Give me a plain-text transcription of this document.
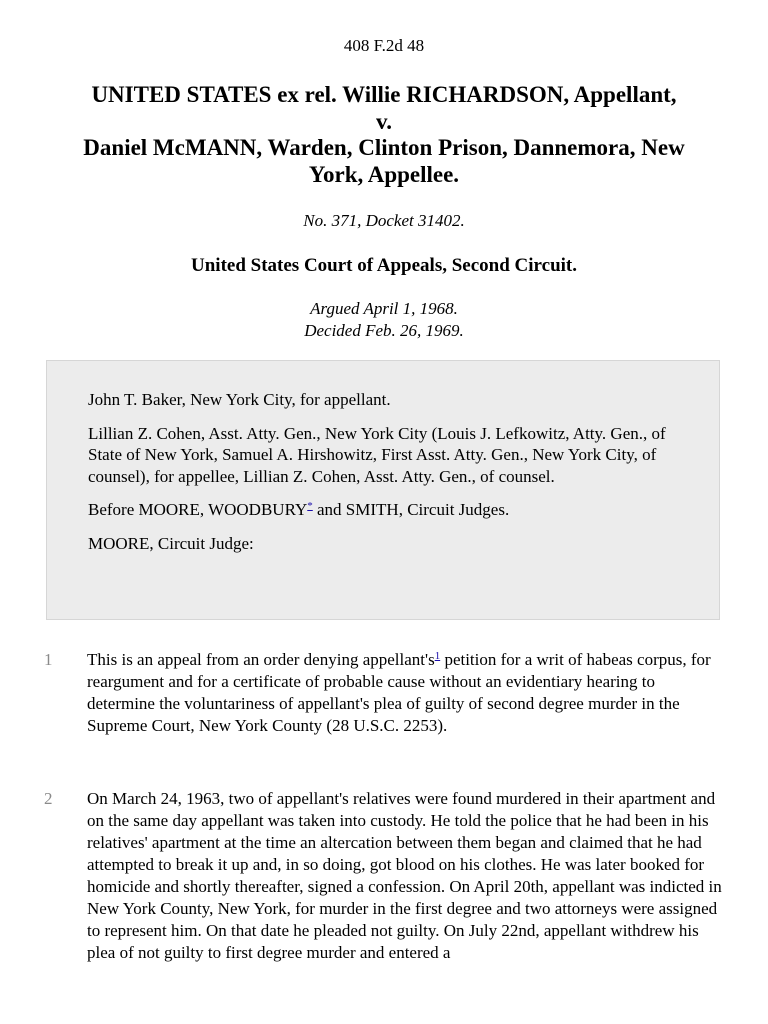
408 F.2d 48
UNITED STATES ex rel. Willie RICHARDSON, Appellant,
v.
Daniel McMANN, Warden, Clinton Prison, Dannemora, New
York, Appellee.
No. 371, Docket 31402.
United States Court of Appeals, Second Circuit.
Argued April 1, 1968.
Decided Feb. 26, 1969.

John T. Baker, New York City, for appellant.

Lillian Z. Cohen, Asst. Atty. Gen., New York City (Louis J. Lefkowitz, Atty. Gen., of State of New York, Samuel A. Hirshowitz, First Asst. Atty. Gen., New York City, of counsel), for appellee, Lillian Z. Cohen, Asst. Atty. Gen., of counsel.

Before MOORE, WOODBURY* and SMITH, Circuit Judges.

MOORE, Circuit Judge:

1 This is an appeal from an order denying appellant's$^1$ petition for a writ of habeas corpus, for reargument and for a certificate of probable cause without an evidentiary hearing to determine the voluntariness of appellant's plea of guilty of second degree murder in the Supreme Court, New York County (28 U.S.C. 2253).

2 On March 24, 1963, two of appellant's relatives were found murdered in their apartment and on the same day appellant was taken into custody. He told the police that he had been in his relatives' apartment at the time an altercation between them began and claimed that he had attempted to break it up and, in so doing, got blood on his clothes. He was later booked for homicide and shortly thereafter, signed a confession. On April 20th, appellant was indicted in New York County, New York, for murder in the first degree and two attorneys were assigned to represent him. On that date he pleaded not guilty. On July 22nd, appellant withdrew his plea of not guilty to first degree murder and entered a
